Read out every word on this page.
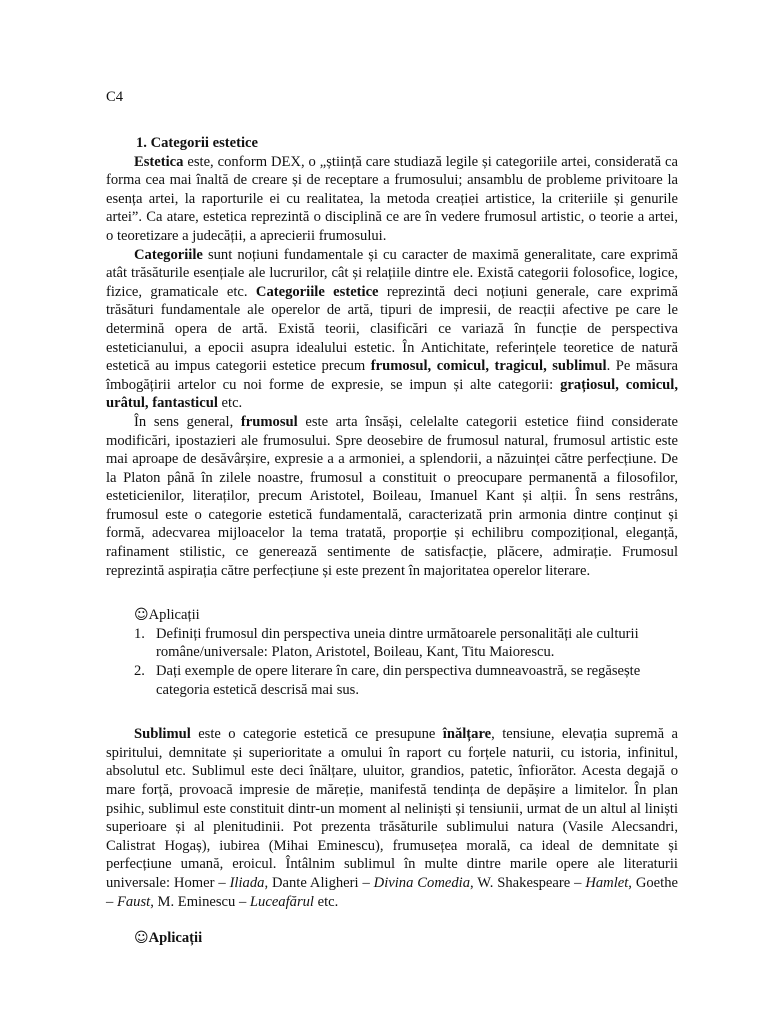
C4

1. Categorii estetice

Estetica este, conform DEX, o „știință care studiază legile și categoriile artei, considerată ca forma cea mai înaltă de creare și de receptare a frumosului; ansamblu de probleme privitoare la esența artei, la raporturile ei cu realitatea, la metoda creației artistice, la criteriile și genurile artei”. Ca atare, estetica reprezintă o disciplină ce are în vedere frumosul artistic, o teorie a artei, o teoretizare a judecății, a aprecierii frumosului.

Categoriile sunt noțiuni fundamentale și cu caracter de maximă generalitate, care exprimă atât trăsăturile esențiale ale lucrurilor, cât și relațiile dintre ele. Există categorii folosofice, logice, fizice, gramaticale etc. Categoriile estetice reprezintă deci noțiuni generale, care exprimă trăsături fundamentale ale operelor de artă, tipuri de impresii, de reacții afective pe care le determină opera de artă. Există teorii, clasificări ce variază în funcție de perspectiva esteticianului, a epocii asupra idealului estetic. În Antichitate, referințele teoretice de natură estetică au impus categorii estetice precum frumosul, comicul, tragicul, sublimul. Pe măsura îmbogățirii artelor cu noi forme de expresie, se impun și alte categorii: grațiosul, comicul, urâtul, fantasticul etc.

În sens general, frumosul este arta însăși, celelalte categorii estetice fiind considerate modificări, ipostazieri ale frumosului. Spre deosebire de frumosul natural, frumosul artistic este mai aproape de desăvârșire, expresie a a armoniei, a splendorii, a năzuinței către perfecțiune. De la Platon până în zilele noastre, frumosul a constituit o preocupare permanentă a filosofilor, esteticienilor, literaților, precum Aristotel, Boileau, Imanuel Kant și alții. În sens restrâns, frumosul este o categorie estetică fundamentală, caracterizată prin armonia dintre conținut și formă, adecvarea mijloacelor la tema tratată, proporție și echilibru compozițional, eleganță, rafinament stilistic, ce generează sentimente de satisfacție, plăcere, admirație. Frumosul reprezintă aspirația către perfecțiune și este prezent în majoritatea operelor literare.

☺Aplicații

1. Definiți frumosul din perspectiva uneia dintre următoarele personalități ale culturii române/universale: Platon, Aristotel, Boileau, Kant, Titu Maiorescu.
2. Dați exemple de opere literare în care, din perspectiva dumneavoastră, se regăsește categoria estetică descrisă mai sus.

Sublimul este o categorie estetică ce presupune înălțare, tensiune, elevația supremă a spiritului, demnitate și superioritate a omului în raport cu forțele naturii, cu istoria, infinitul, absolutul etc. Sublimul este deci înălțare, uluitor, grandios, patetic, înfiorător. Acesta degajă o mare forță, provoacă impresie de măreție, manifestă tendința de depășire a limitelor. În plan psihic, sublimul este constituit dintr-un moment al neliniști și tensiunii, urmat de un altul al liniști superioare și al plenitudinii. Pot prezenta trăsăturile sublimului natura (Vasile Alecsandri, Calistrat Hogaș), iubirea (Mihai Eminescu), frumusețea morală, ca ideal de demnitate și perfecțiune umană, eroicul. Întâlnim sublimul în multe dintre marile opere ale literaturii universale: Homer – Iliada, Dante Aligheri – Divina Comedia, W. Shakespeare – Hamlet, Goethe – Faust, M. Eminescu – Luceafărul etc.

☺Aplicații
